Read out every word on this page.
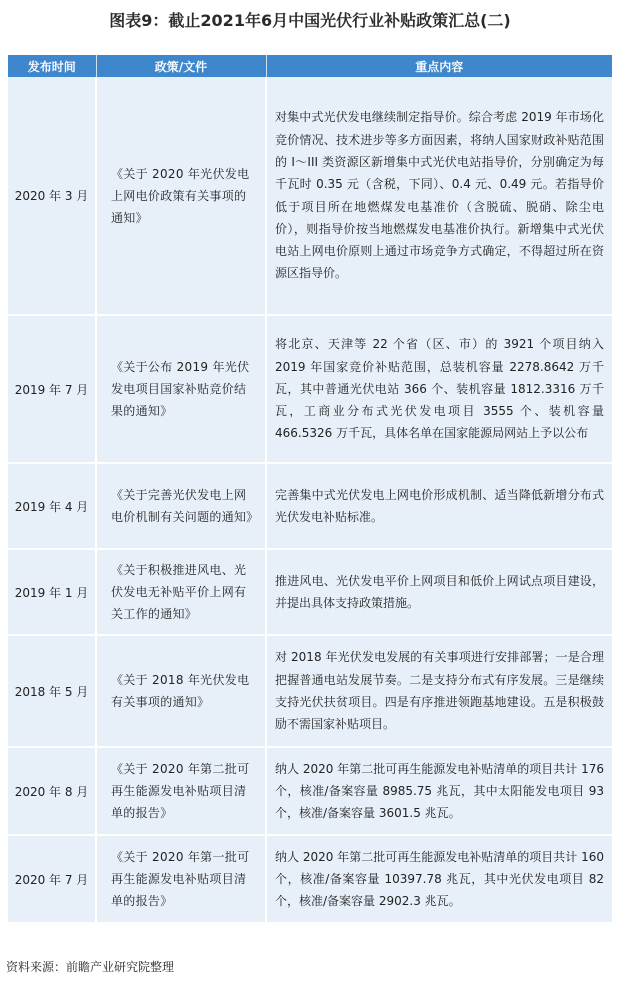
图表9：截止2021年6月中国光伏行业补贴政策汇总(二)
发布时间	政策/文件	重点内容
2020 年 3 月	《关于 2020 年光伏发电上网电价政策有关事项的通知》	对集中式光伏发电继续制定指导价。综合考虑 2019 年市场化竞价情况、技术进步等多方面因素，将纳人国家财政补贴范围的 I～III 类资源区新增集中式光伏电站指导价，分别确定为每千瓦时 0.35 元（含税，下同）、0.4 元、0.49 元。若指导价低于项目所在地燃煤发电基准价（含脱硫、脱硝、除尘电价），则指导价按当地燃煤发电基准价执行。新增集中式光伏电站上网电价原则上通过市场竞争方式确定，不得超过所在资源区指导价。
2019 年 7 月	《关于公布 2019 年光伏发电项目国家补贴竞价结果的通知》	将北京、天津等 22 个省（区、市）的 3921 个项目纳入 2019 年国家竞价补贴范围，总装机容量 2278.8642 万千瓦，其中普通光伏电站 366 个、装机容量 1812.3316 万千瓦，工商业分布式光伏发电项目 3555 个、装机容量 466.5326 万千瓦，具体名单在国家能源局网站上予以公布
2019 年 4 月	《关于完善光伏发电上网电价机制有关问题的通知》	完善集中式光伏发电上网电价形成机制、适当降低新增分布式光伏发电补贴标准。
2019 年 1 月	《关于积极推进风电、光伏发电无补贴平价上网有关工作的通知》	推进风电、光伏发电平价上网项目和低价上网试点项目建设，并提出具体支持政策措施。
2018 年 5 月	《关于 2018 年光伏发电有关事项的通知》	对 2018 年光伏发电发展的有关事项进行安排部署；一是合理把握普通电站发展节奏。二是支持分布式有序发展。三是继续支持光伏扶贫项目。四是有序推进领跑基地建设。五是积极鼓励不需国家补贴项目。
2020 年 8 月	《关于 2020 年第二批可再生能源发电补贴项目清单的报告》	纳人 2020 年第二批可再生能源发电补贴清单的项目共计 176 个，核准/备案容量 8985.75 兆瓦，其中太阳能发电项目 93 个，核准/备案容量 3601.5 兆瓦。
2020 年 7 月	《关于 2020 年第一批可再生能源发电补贴项目清单的报告》	纳人 2020 年第二批可再生能源发电补贴清单的项目共计 160 个，核准/备案容量 10397.78 兆瓦，其中光伏发电项目 82 个，核准/备案容量 2902.3 兆瓦。
资料来源：前瞻产业研究院整理
